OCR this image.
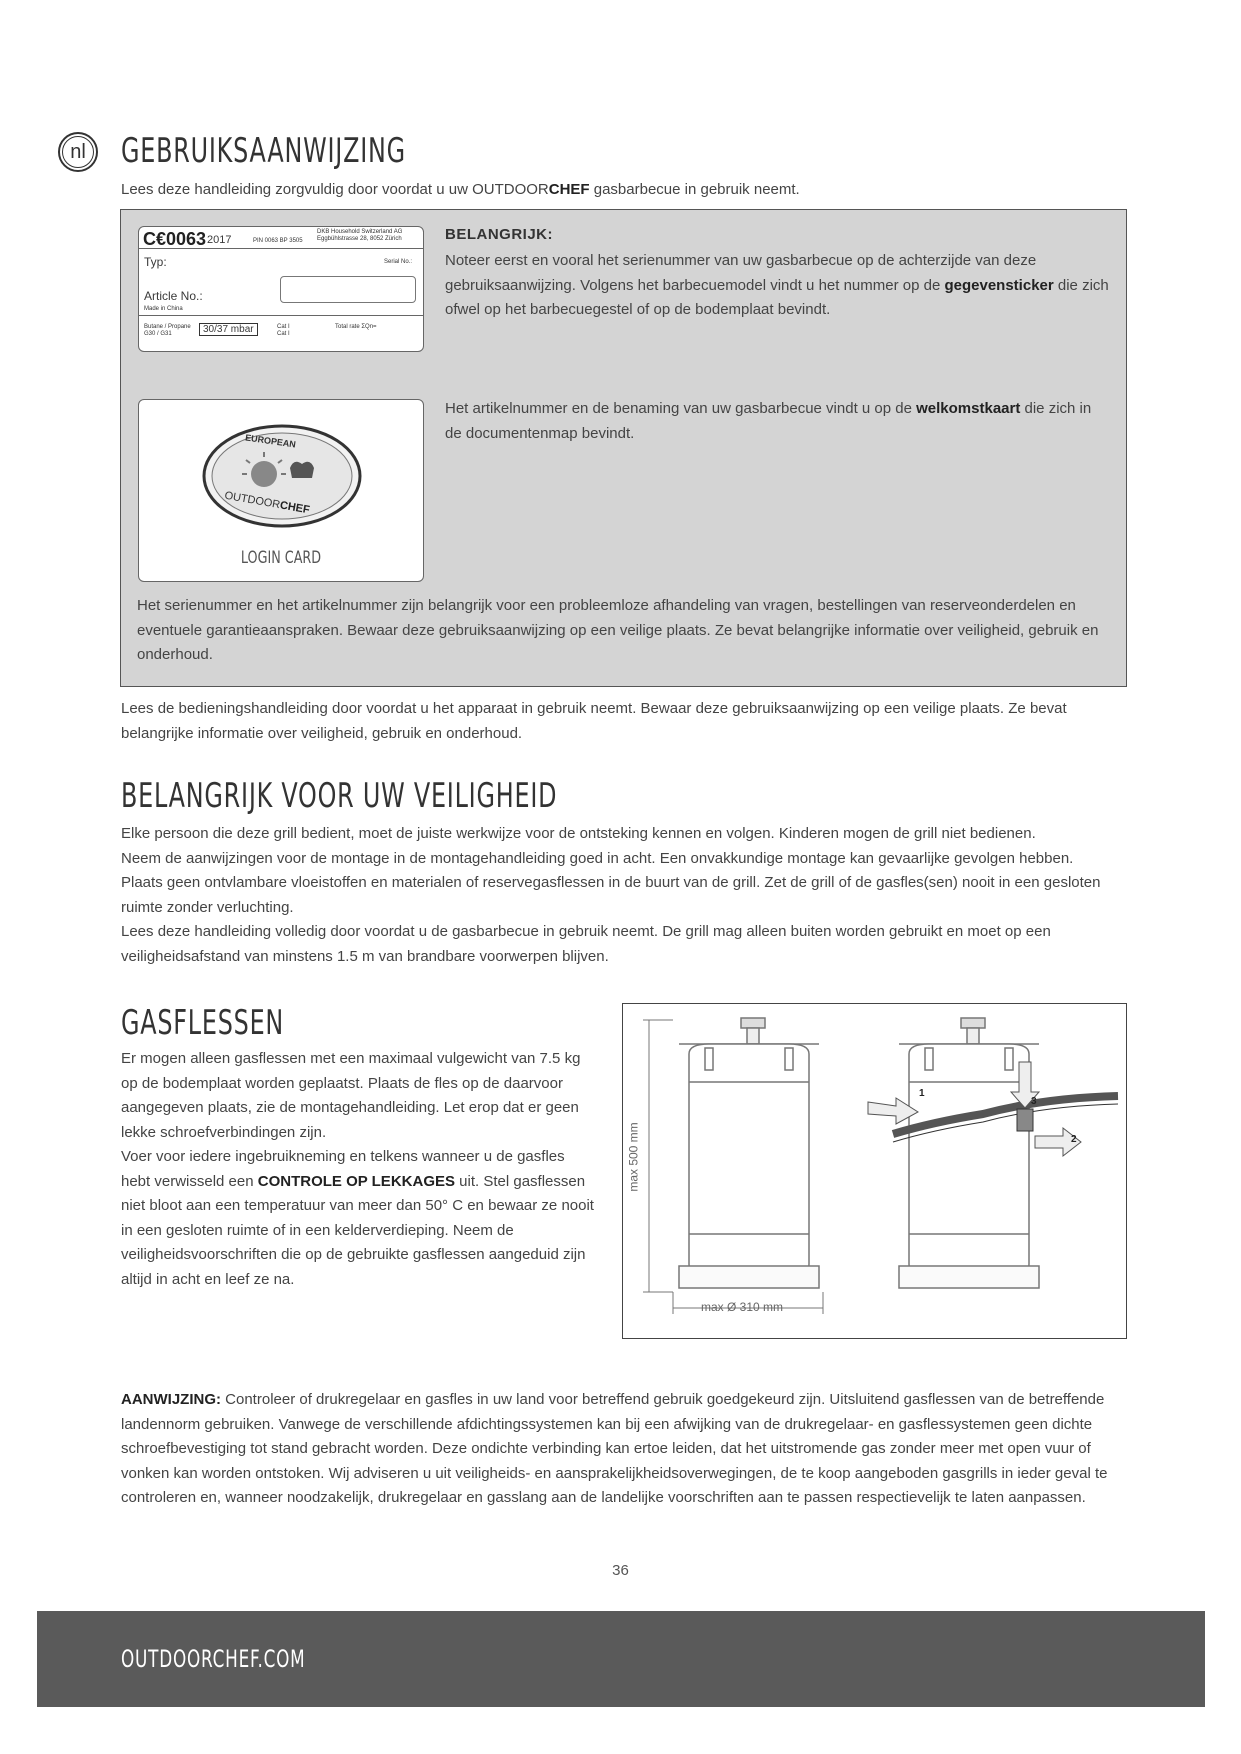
nl GEBRUIKSAANWIJZING
Lees deze handleiding zorgvuldig door voordat u uw OUTDOORCHEF gasbarbecue in gebruik neemt.
C€0063 2017	PIN 0063 BP 3505
DKB Household Switzerland AG
Eggbühlstrasse 28, 8052 Zürich
Typ:	Serial No.:
Article No.:
Made in China
Butane / Propane
G30 / G31	30/37 mbar	Cat I
Cat I
Total rate ΣQn=
BELANGRIJK:
Noteer eerst en vooral het serienummer van uw gasbarbecue op de achterzijde van deze gebruiksaanwijzing. Volgens het barbecuemodel vindt u het nummer op de gegevensticker die zich ofwel op het barbecuegestel of op de bodemplaat bevindt.
EUROPEAN
OUTDOORCHEF
LOGIN CARD
Het artikelnummer en de benaming van uw gasbarbecue vindt u op de welkomstkaart die zich in de documentenmap bevindt.
Het serienummer en het artikelnummer zijn belangrijk voor een probleemloze afhandeling van vragen, bestellingen van reserveonderdelen en eventuele garantieaanspraken. Bewaar deze gebruiksaanwijzing op een veilige plaats. Ze bevat belangrijke informatie over veiligheid, gebruik en onderhoud.
Lees de bedieningshandleiding door voordat u het apparaat in gebruik neemt. Bewaar deze gebruiksaanwijzing op een veilige plaats. Ze bevat belangrijke informatie over veiligheid, gebruik en onderhoud.
BELANGRIJK VOOR UW VEILIGHEID
Elke persoon die deze grill bedient, moet de juiste werkwijze voor de ontsteking kennen en volgen. Kinderen mogen de grill niet bedienen.
Neem de aanwijzingen voor de montage in de montagehandleiding goed in acht. Een onvakkundige montage kan gevaarlijke gevolgen hebben.
Plaats geen ontvlambare vloeistoffen en materialen of reservegasflessen in de buurt van de grill. Zet de grill of de gasfles(sen) nooit in een gesloten ruimte zonder verluchting.
Lees deze handleiding volledig door voordat u de gasbarbecue in gebruik neemt. De grill mag alleen buiten worden gebruikt en moet op een veiligheidsafstand van minstens 1.5 m van brandbare voorwerpen blijven.
GASFLESSEN
Er mogen alleen gasflessen met een maximaal vulgewicht van 7.5 kg op de bodemplaat worden geplaatst. Plaats de fles op de daarvoor aangegeven plaats, zie de montagehandleiding. Let erop dat er geen lekke schroefverbindingen zijn.
Voer voor iedere ingebruikneming en telkens wanneer u de gasfles hebt verwisseld een CONTROLE OP LEKKAGES uit. Stel gasflessen niet bloot aan een temperatuur van meer dan 50° C en bewaar ze nooit in een gesloten ruimte of in een kelderverdieping. Neem de veiligheidsvoorschriften die op de gebruikte gasflessen aangeduid zijn altijd in acht en leef ze na.
1
2
3
max 500 mm
max Ø 310 mm
AANWIJZING: Controleer of drukregelaar en gasfles in uw land voor betreffend gebruik goedgekeurd zijn. Uitsluitend gasflessen van de betreffende landennorm gebruiken. Vanwege de verschillende afdichtingssystemen kan bij een afwijking van de drukregelaar- en gasflessystemen geen dichte schroefbevestiging tot stand gebracht worden. Deze ondichte verbinding kan ertoe leiden, dat het uitstromende gas zonder meer met open vuur of vonken kan worden ontstoken. Wij adviseren u uit veiligheids- en aansprakelijkheidsoverwegingen, de te koop aangeboden gasgrills in ieder geval te controleren en, wanneer noodzakelijk, drukregelaar en gasslang aan de landelijke voorschriften aan te passen respectievelijk te laten aanpassen.
36
OUTDOORCHEF.COM
